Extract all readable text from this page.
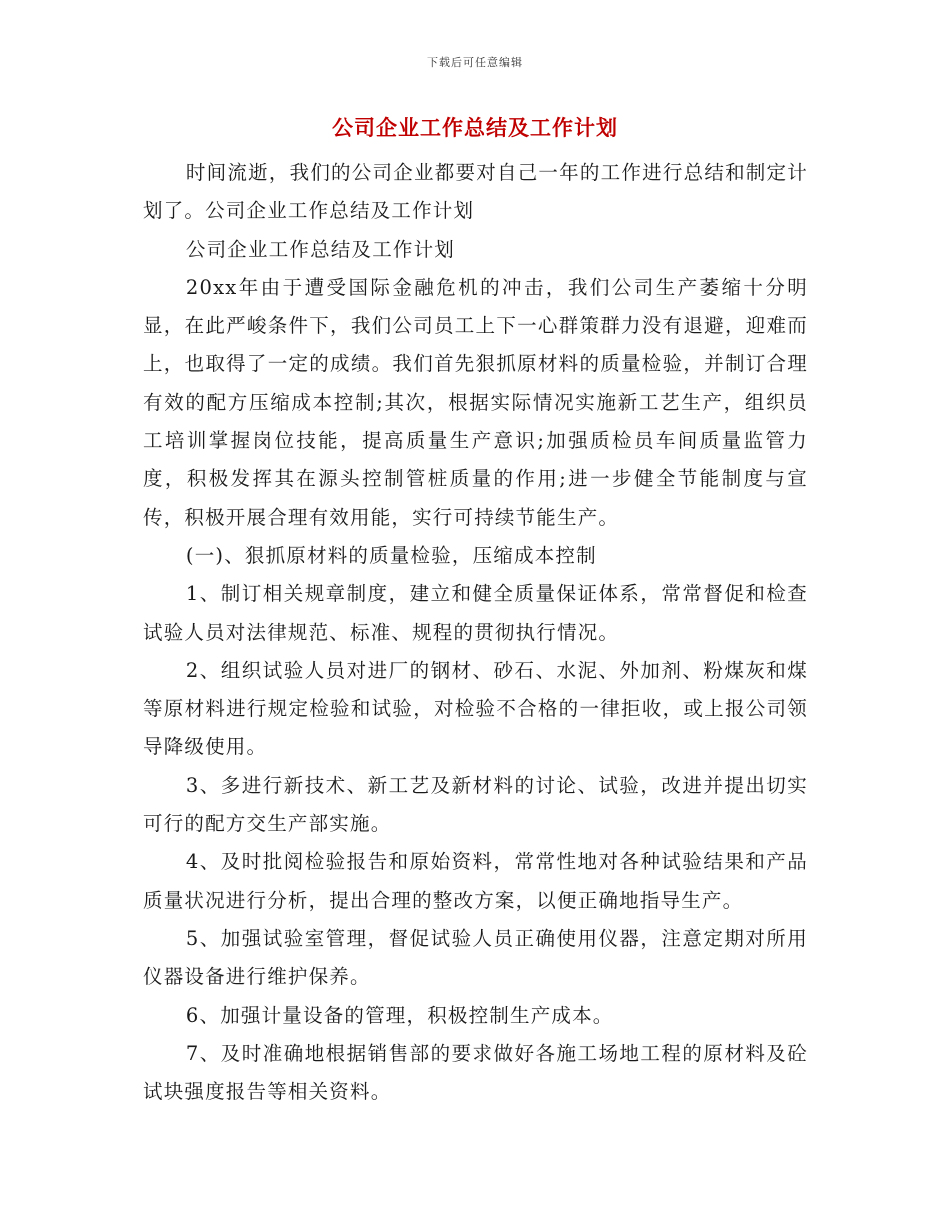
下载后可任意编辑
公司企业工作总结及工作计划

时间流逝，我们的公司企业都要对自己一年的工作进行总结和制定计划了。公司企业工作总结及工作计划

公司企业工作总结及工作计划

20xx年由于遭受国际金融危机的冲击，我们公司生产萎缩十分明显，在此严峻条件下，我们公司员工上下一心群策群力没有退避，迎难而上，也取得了一定的成绩。我们首先狠抓原材料的质量检验，并制订合理有效的配方压缩成本控制;其次，根据实际情况实施新工艺生产，组织员工培训掌握岗位技能，提高质量生产意识;加强质检员车间质量监管力度，积极发挥其在源头控制管桩质量的作用;进一步健全节能制度与宣传，积极开展合理有效用能，实行可持续节能生产。

(一)、狠抓原材料的质量检验，压缩成本控制

1、制订相关规章制度，建立和健全质量保证体系，常常督促和检查试验人员对法律规范、标准、规程的贯彻执行情况。

2、组织试验人员对进厂的钢材、砂石、水泥、外加剂、粉煤灰和煤等原材料进行规定检验和试验，对检验不合格的一律拒收，或上报公司领导降级使用。

3、多进行新技术、新工艺及新材料的讨论、试验，改进并提出切实可行的配方交生产部实施。

4、及时批阅检验报告和原始资料，常常性地对各种试验结果和产品质量状况进行分析，提出合理的整改方案，以便正确地指导生产。

5、加强试验室管理，督促试验人员正确使用仪器，注意定期对所用仪器设备进行维护保养。

6、加强计量设备的管理，积极控制生产成本。

7、及时准确地根据销售部的要求做好各施工场地工程的原材料及砼试块强度报告等相关资料。
